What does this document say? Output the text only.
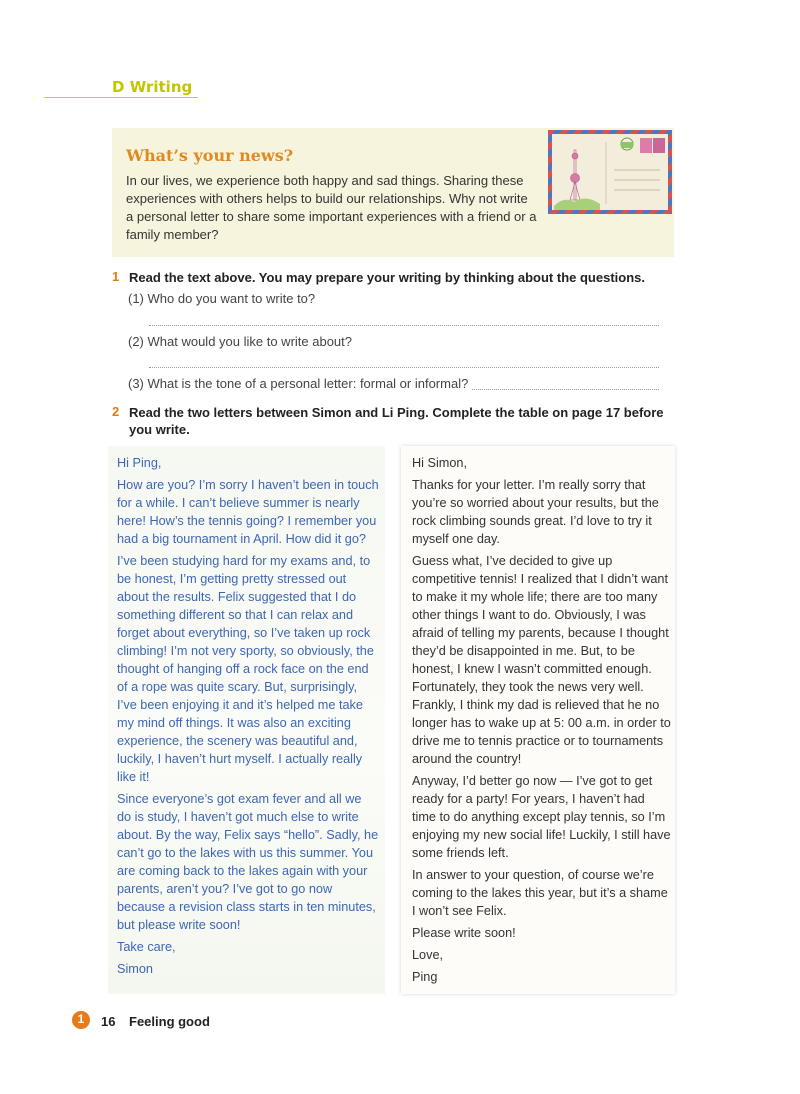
D Writing
What’s your news?

In our lives, we experience both happy and sad things. Sharing these experiences with others helps to build our relationships. Why not write a personal letter to share some important experiences with a friend or a family member?

1 Read the text above. You may prepare your writing by thinking about the questions.
(1) Who do you want to write to?
(2) What would you like to write about?
(3) What is the tone of a personal letter: formal or informal?
2 Read the two letters between Simon and Li Ping. Complete the table on page 17 before you write.

Hi Ping,

How are you? I’m sorry I haven’t been in touch for a while. I can’t believe summer is nearly here! How’s the tennis going? I remember you had a big tournament in April. How did it go?

I’ve been studying hard for my exams and, to be honest, I’m getting pretty stressed out about the results. Felix suggested that I do something different so that I can relax and forget about everything, so I’ve taken up rock climbing! I’m not very sporty, so obviously, the thought of hanging off a rock face on the end of a rope was quite scary. But, surprisingly, I’ve been enjoying it and it’s helped me take my mind off things. It was also an exciting experience, the scenery was beautiful and, luckily, I haven’t hurt myself. I actually really like it!

Since everyone’s got exam fever and all we do is study, I haven’t got much else to write about. By the way, Felix says “hello”. Sadly, he can’t go to the lakes with us this summer. You are coming back to the lakes again with your parents, aren’t you? I’ve got to go now because a revision class starts in ten minutes, but please write soon!

Take care,

Simon

Hi Simon,

Thanks for your letter. I’m really sorry that you’re so worried about your results, but the rock climbing sounds great. I’d love to try it myself one day.

Guess what, I’ve decided to give up competitive tennis! I realized that I didn’t want to make it my whole life; there are too many other things I want to do. Obviously, I was afraid of telling my parents, because I thought they’d be disappointed in me. But, to be honest, I knew I wasn’t committed enough. Fortunately, they took the news very well. Frankly, I think my dad is relieved that he no longer has to wake up at 5: 00 a.m. in order to drive me to tennis practice or to tournaments around the country!

Anyway, I’d better go now — I’ve got to get ready for a party! For years, I haven’t had time to do anything except play tennis, so I’m enjoying my new social life! Luckily, I still have some friends left.

In answer to your question, of course we’re coming to the lakes this year, but it’s a shame I won’t see Felix.

Please write soon!

Love,

Ping

1	16 Feeling good
